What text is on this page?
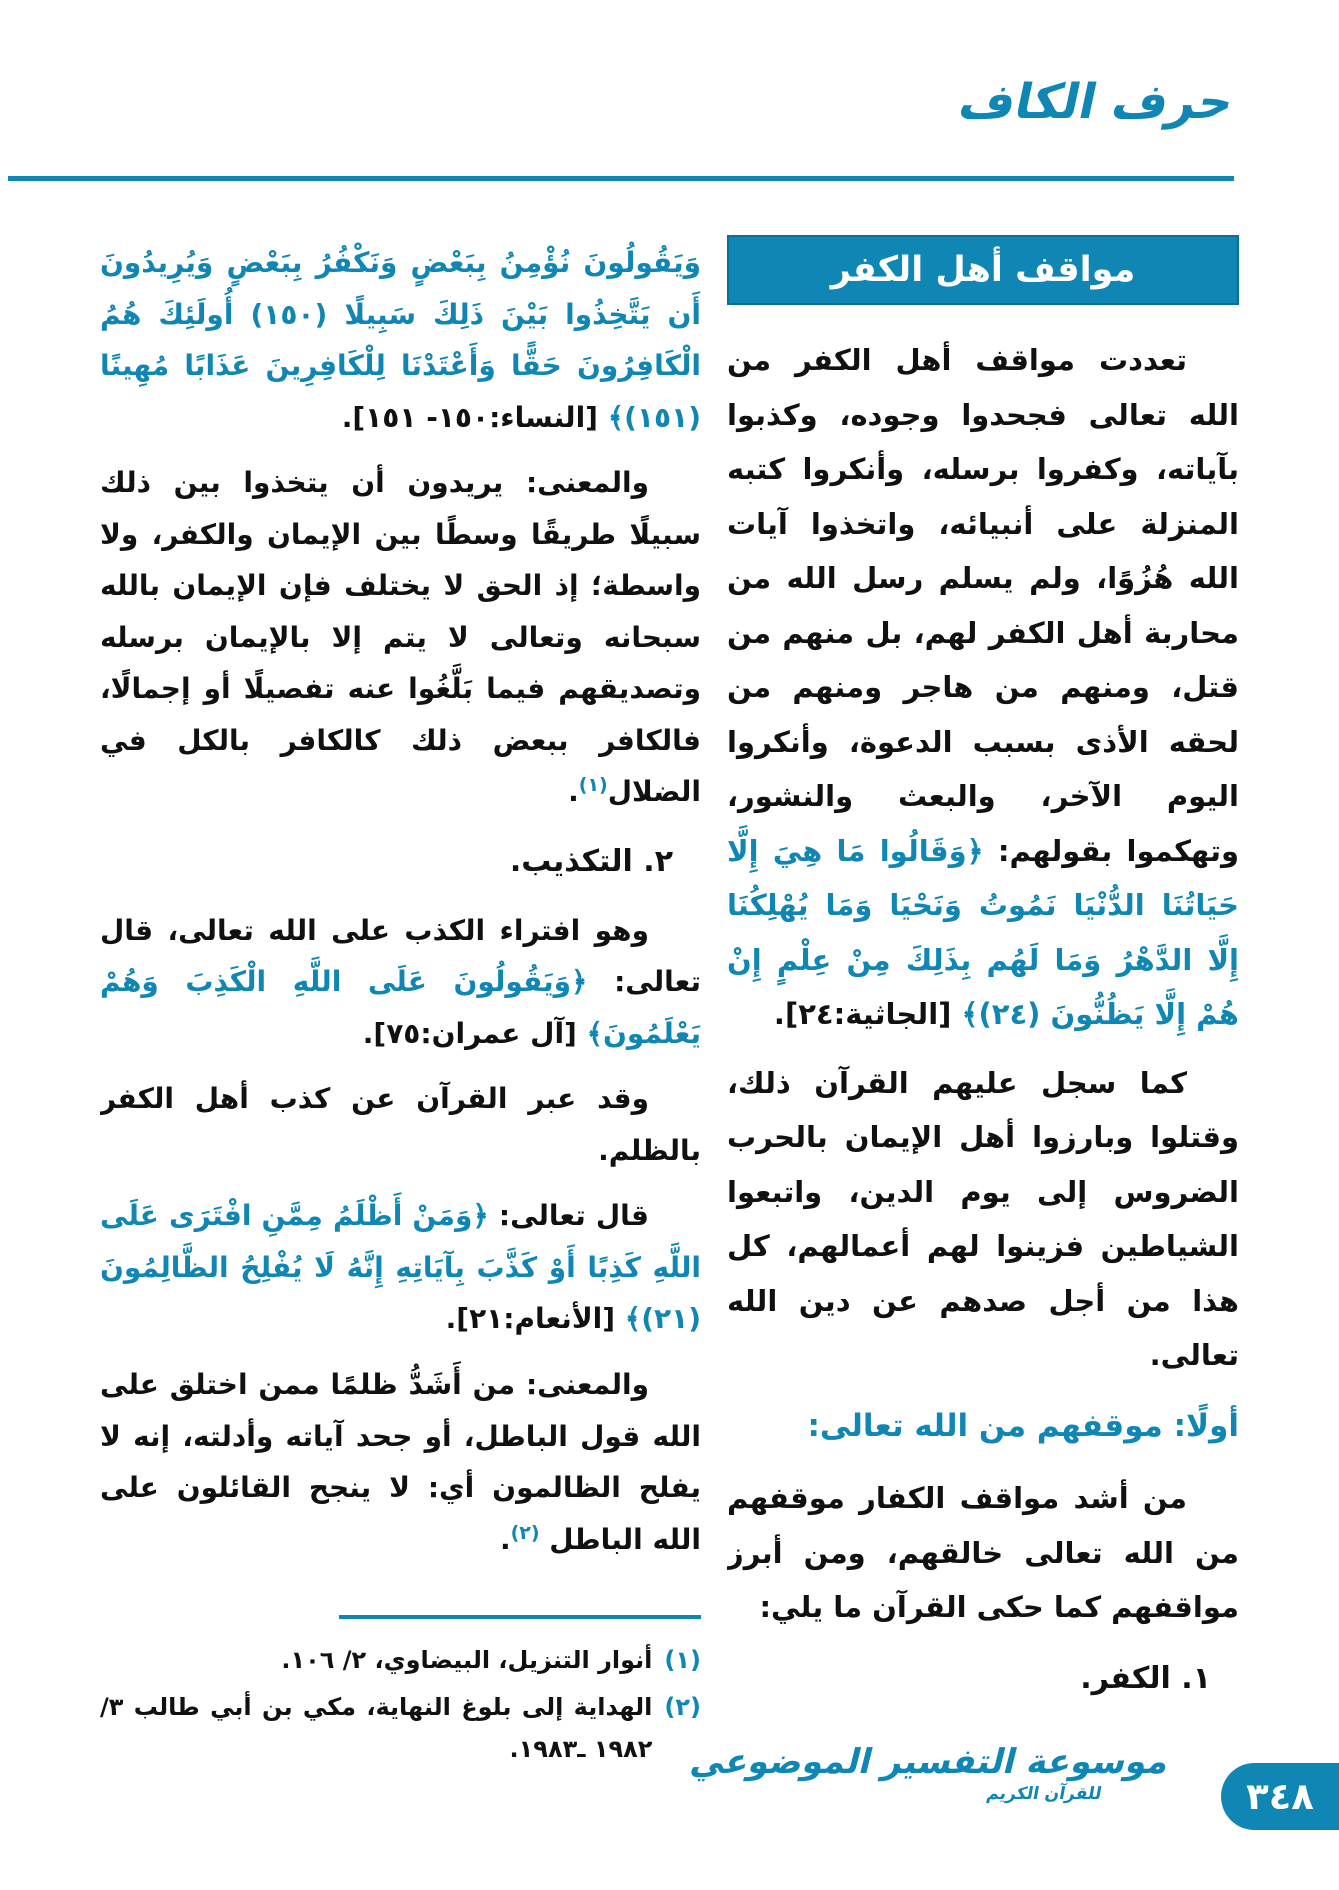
حرف الكاف
مواقف أهل الكفر

تعددت مواقف أهل الكفر من الله تعالى فجحدوا وجوده، وكذبوا بآياته، وكفروا برسله، وأنكروا كتبه المنزلة على أنبيائه، واتخذوا آيات الله هُزُوًا، ولم يسلم رسل الله من محاربة أهل الكفر لهم، بل منهم من قتل، ومنهم من هاجر ومنهم من لحقه الأذى بسبب الدعوة، وأنكروا اليوم الآخر، والبعث والنشور، وتهكموا بقولهم: ﴿وَقَالُوا مَا هِيَ إِلَّا حَيَاتُنَا الدُّنْيَا نَمُوتُ وَنَحْيَا وَمَا يُهْلِكُنَا إِلَّا الدَّهْرُ وَمَا لَهُم بِذَلِكَ مِنْ عِلْمٍ إِنْ هُمْ إِلَّا يَظُنُّونَ (٢٤)﴾ [الجاثية:٢٤].

كما سجل عليهم القرآن ذلك، وقتلوا وبارزوا أهل الإيمان بالحرب الضروس إلى يوم الدين، واتبعوا الشياطين فزينوا لهم أعمالهم، كل هذا من أجل صدهم عن دين الله تعالى.

أولًا: موقفهم من الله تعالى:

من أشد مواقف الكفار موقفهم من الله تعالى خالقهم، ومن أبرز مواقفهم كما حكى القرآن ما يلي:

١. الكفر.

وَيَقُولُونَ نُؤْمِنُ بِبَعْضٍ وَنَكْفُرُ بِبَعْضٍ وَيُرِيدُونَ أَن يَتَّخِذُوا بَيْنَ ذَلِكَ سَبِيلًا (١٥٠) أُولَئِكَ هُمُ الْكَافِرُونَ حَقًّا وَأَعْتَدْنَا لِلْكَافِرِينَ عَذَابًا مُهِينًا (١٥١)﴾ [النساء:١٥٠- ١٥١].

والمعنى: يريدون أن يتخذوا بين ذلك سبيلًا طريقًا وسطًا بين الإيمان والكفر، ولا واسطة؛ إذ الحق لا يختلف فإن الإيمان بالله سبحانه وتعالى لا يتم إلا بالإيمان برسله وتصديقهم فيما بَلَّغُوا عنه تفصيلًا أو إجمالًا، فالكافر ببعض ذلك كالكافر بالكل في الضلال$^{(١)}$.

٢. التكذيب.

وهو افتراء الكذب على الله تعالى، قال تعالى: ﴿وَيَقُولُونَ عَلَى اللَّهِ الْكَذِبَ وَهُمْ يَعْلَمُونَ﴾ [آل عمران:٧٥].

وقد عبر القرآن عن كذب أهل الكفر بالظلم.

قال تعالى: ﴿وَمَنْ أَظْلَمُ مِمَّنِ افْتَرَى عَلَى اللَّهِ كَذِبًا أَوْ كَذَّبَ بِآيَاتِهِ إِنَّهُ لَا يُفْلِحُ الظَّالِمُونَ (٢١)﴾ [الأنعام:٢١].

والمعنى: من أَشَدُّ ظلمًا ممن اختلق على الله قول الباطل، أو جحد آياته وأدلته، إنه لا يفلح الظالمون أي: لا ينجح القائلون على الله الباطل $^{(٢)}$.

(١)
أنوار التنزيل، البيضاوي، ٢/ ١٠٦.
(٢)
الهداية إلى بلوغ النهاية، مكي بن أبي طالب ٣/ ١٩٨٢ ـ١٩٨٣. موسوعة التفسير الموضوعي
للقرآن الكريم	٣٤٨
